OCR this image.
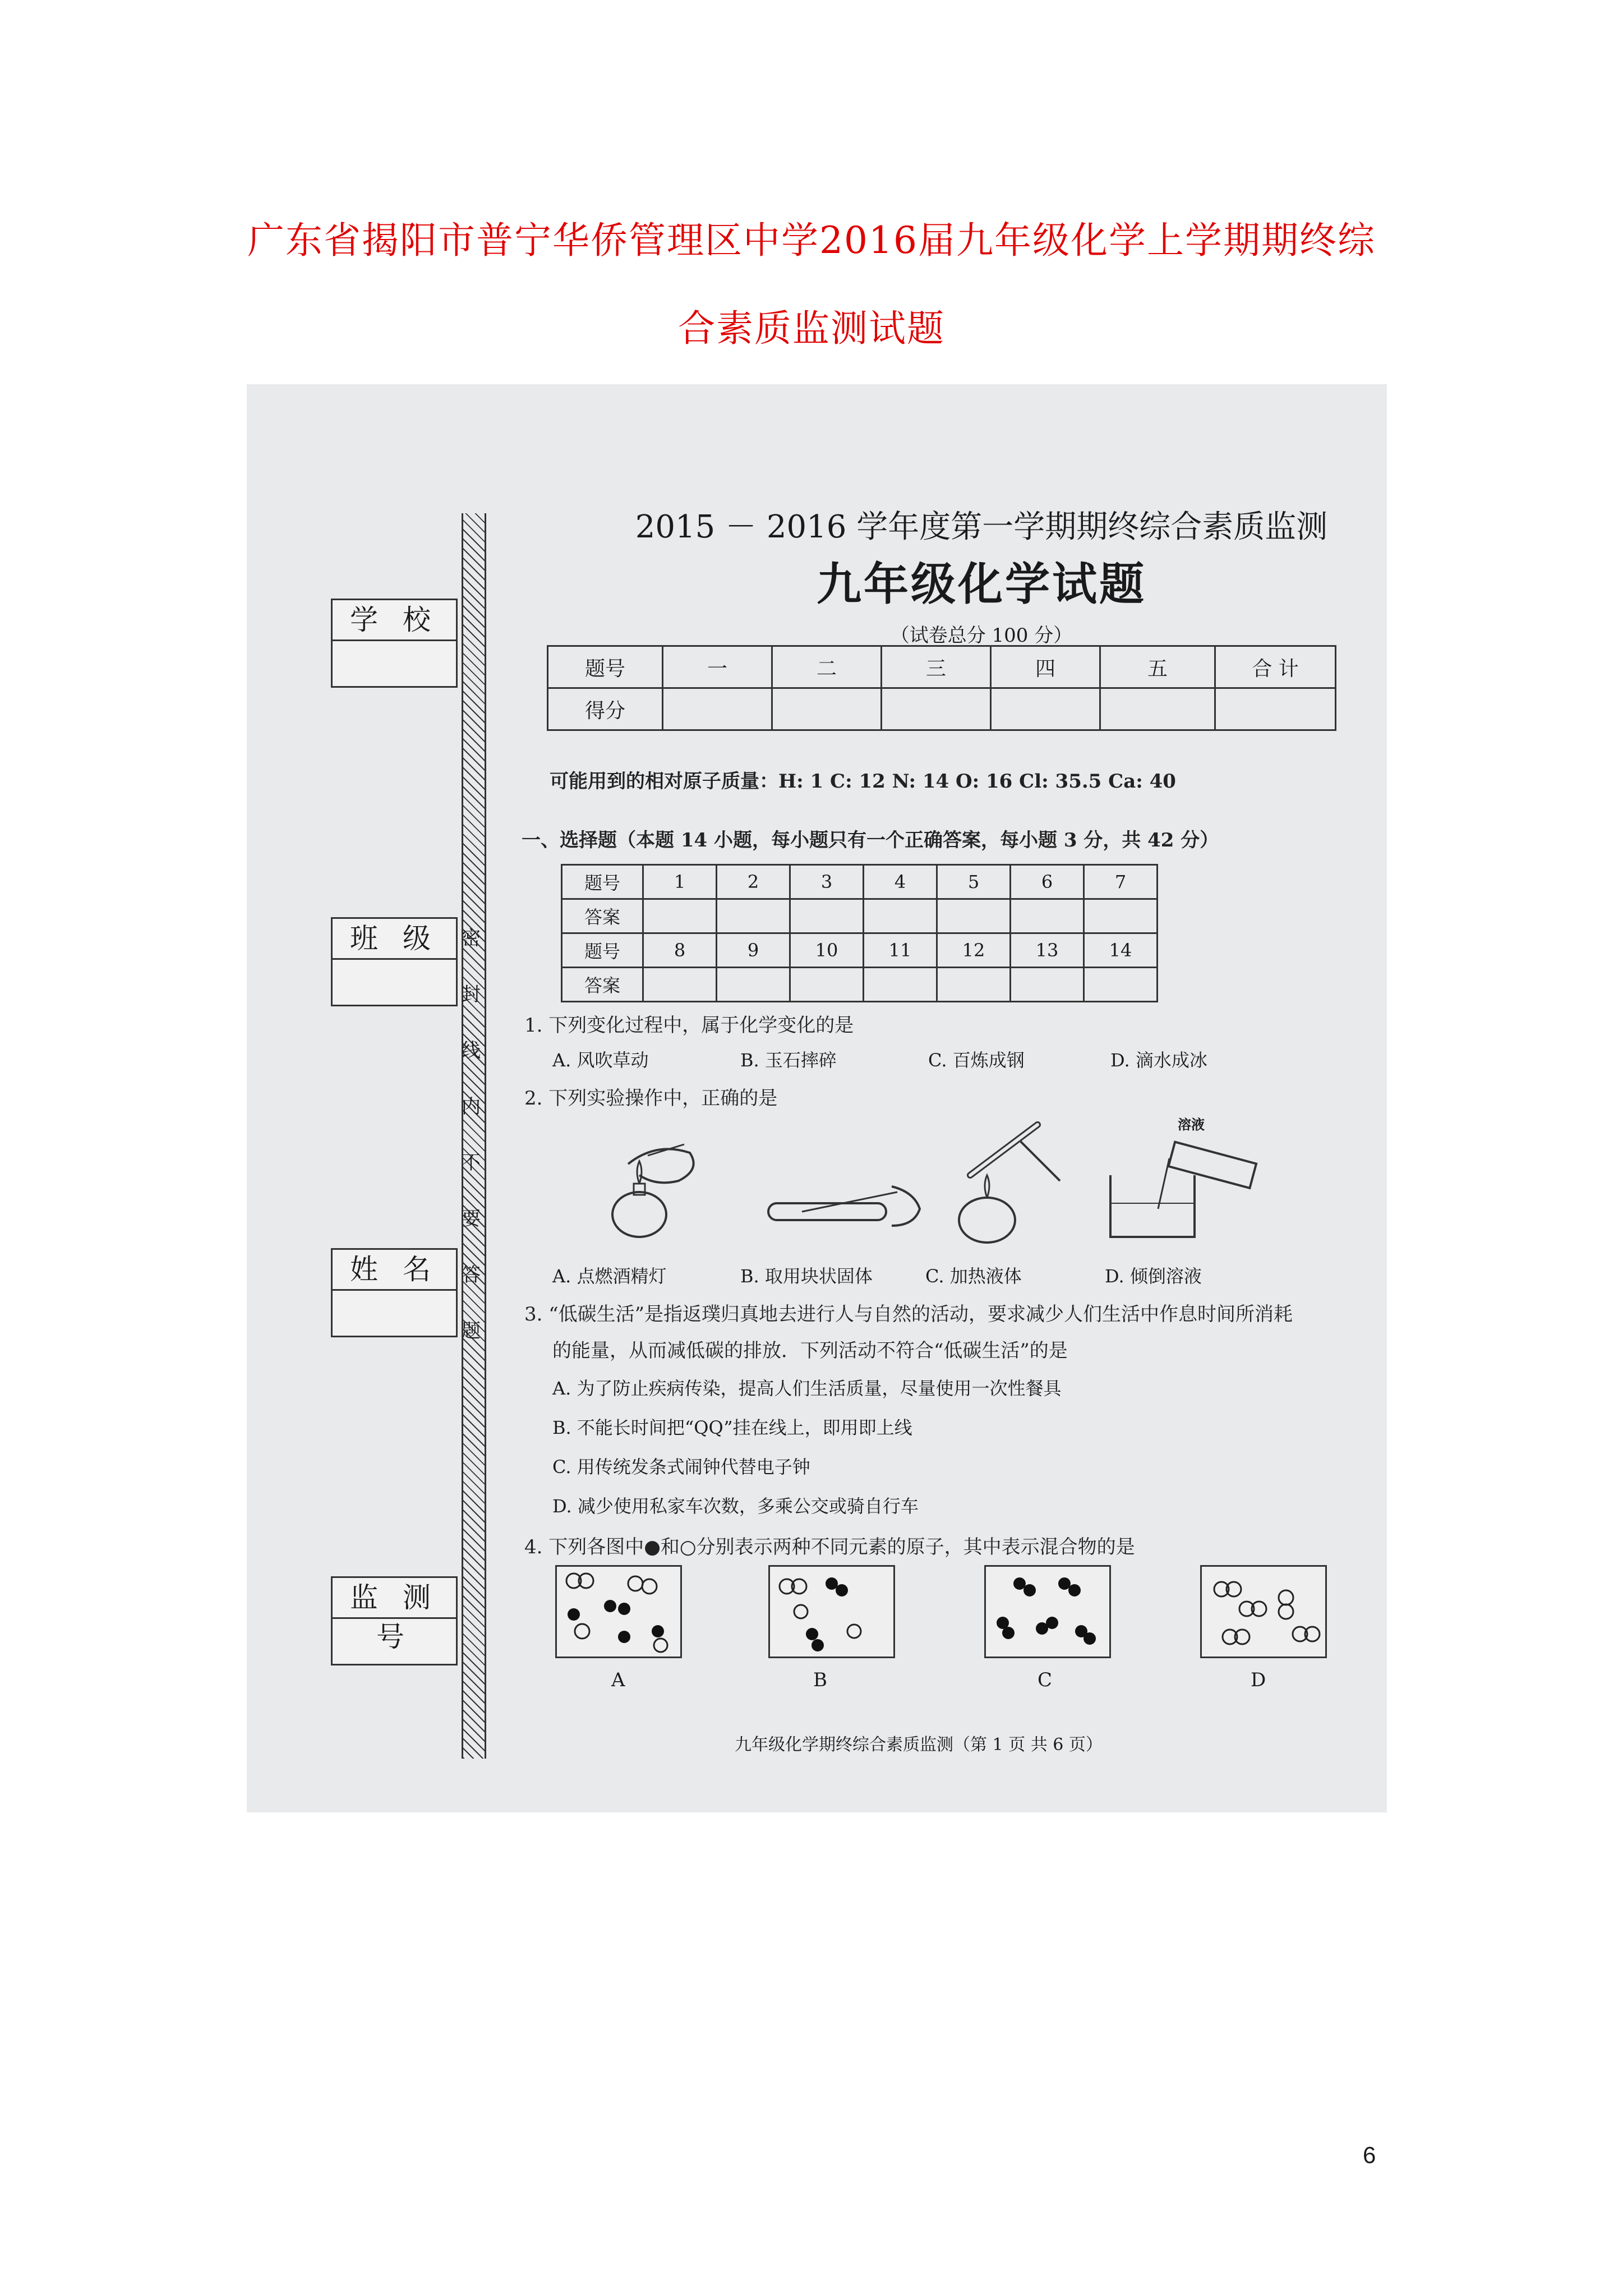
广东省揭阳市普宁华侨管理区中学2016届九年级化学上学期期终综
合素质监测试题
学 校
班 级
姓 名
监 测 号
密
封
线
内
不
要
答
题
2015 － 2016 学年度第一学期期终综合素质监测
九年级化学试题
（试卷总分 100 分）
题号	一	二	三	四	五	合 计
得分						
可能用到的相对原子质量：H: 1 C: 12 N: 14 O: 16 Cl: 35.5 Ca: 40
一、选择题（本题 14 小题，每小题只有一个正确答案，每小题 3 分，共 42 分）
题号	1	2	3	4	5	6	7
答案							
题号	8	9	10	11	12	13	14
答案							
1. 下列变化过程中，属于化学变化的是
A. 风吹草动	B. 玉石摔碎	C. 百炼成钢	D. 滴水成冰
2. 下列实验操作中，正确的是
溶液
A. 点燃酒精灯	B. 取用块状固体	C. 加热液体	D. 倾倒溶液
3. “低碳生活”是指返璞归真地去进行人与自然的活动，要求减少人们生活中作息时间所消耗
的能量，从而减低碳的排放．下列活动不符合“低碳生活”的是
A. 为了防止疾病传染，提高人们生活质量，尽量使用一次性餐具
B. 不能长时间把“QQ”挂在线上，即用即上线
C. 用传统发条式闹钟代替电子钟
D. 减少使用私家车次数，多乘公交或骑自行车
4. 下列各图中●和○分别表示两种不同元素的原子，其中表示混合物的是
A	B	C	D
九年级化学期终综合素质监测（第 1 页 共 6 页）
6
